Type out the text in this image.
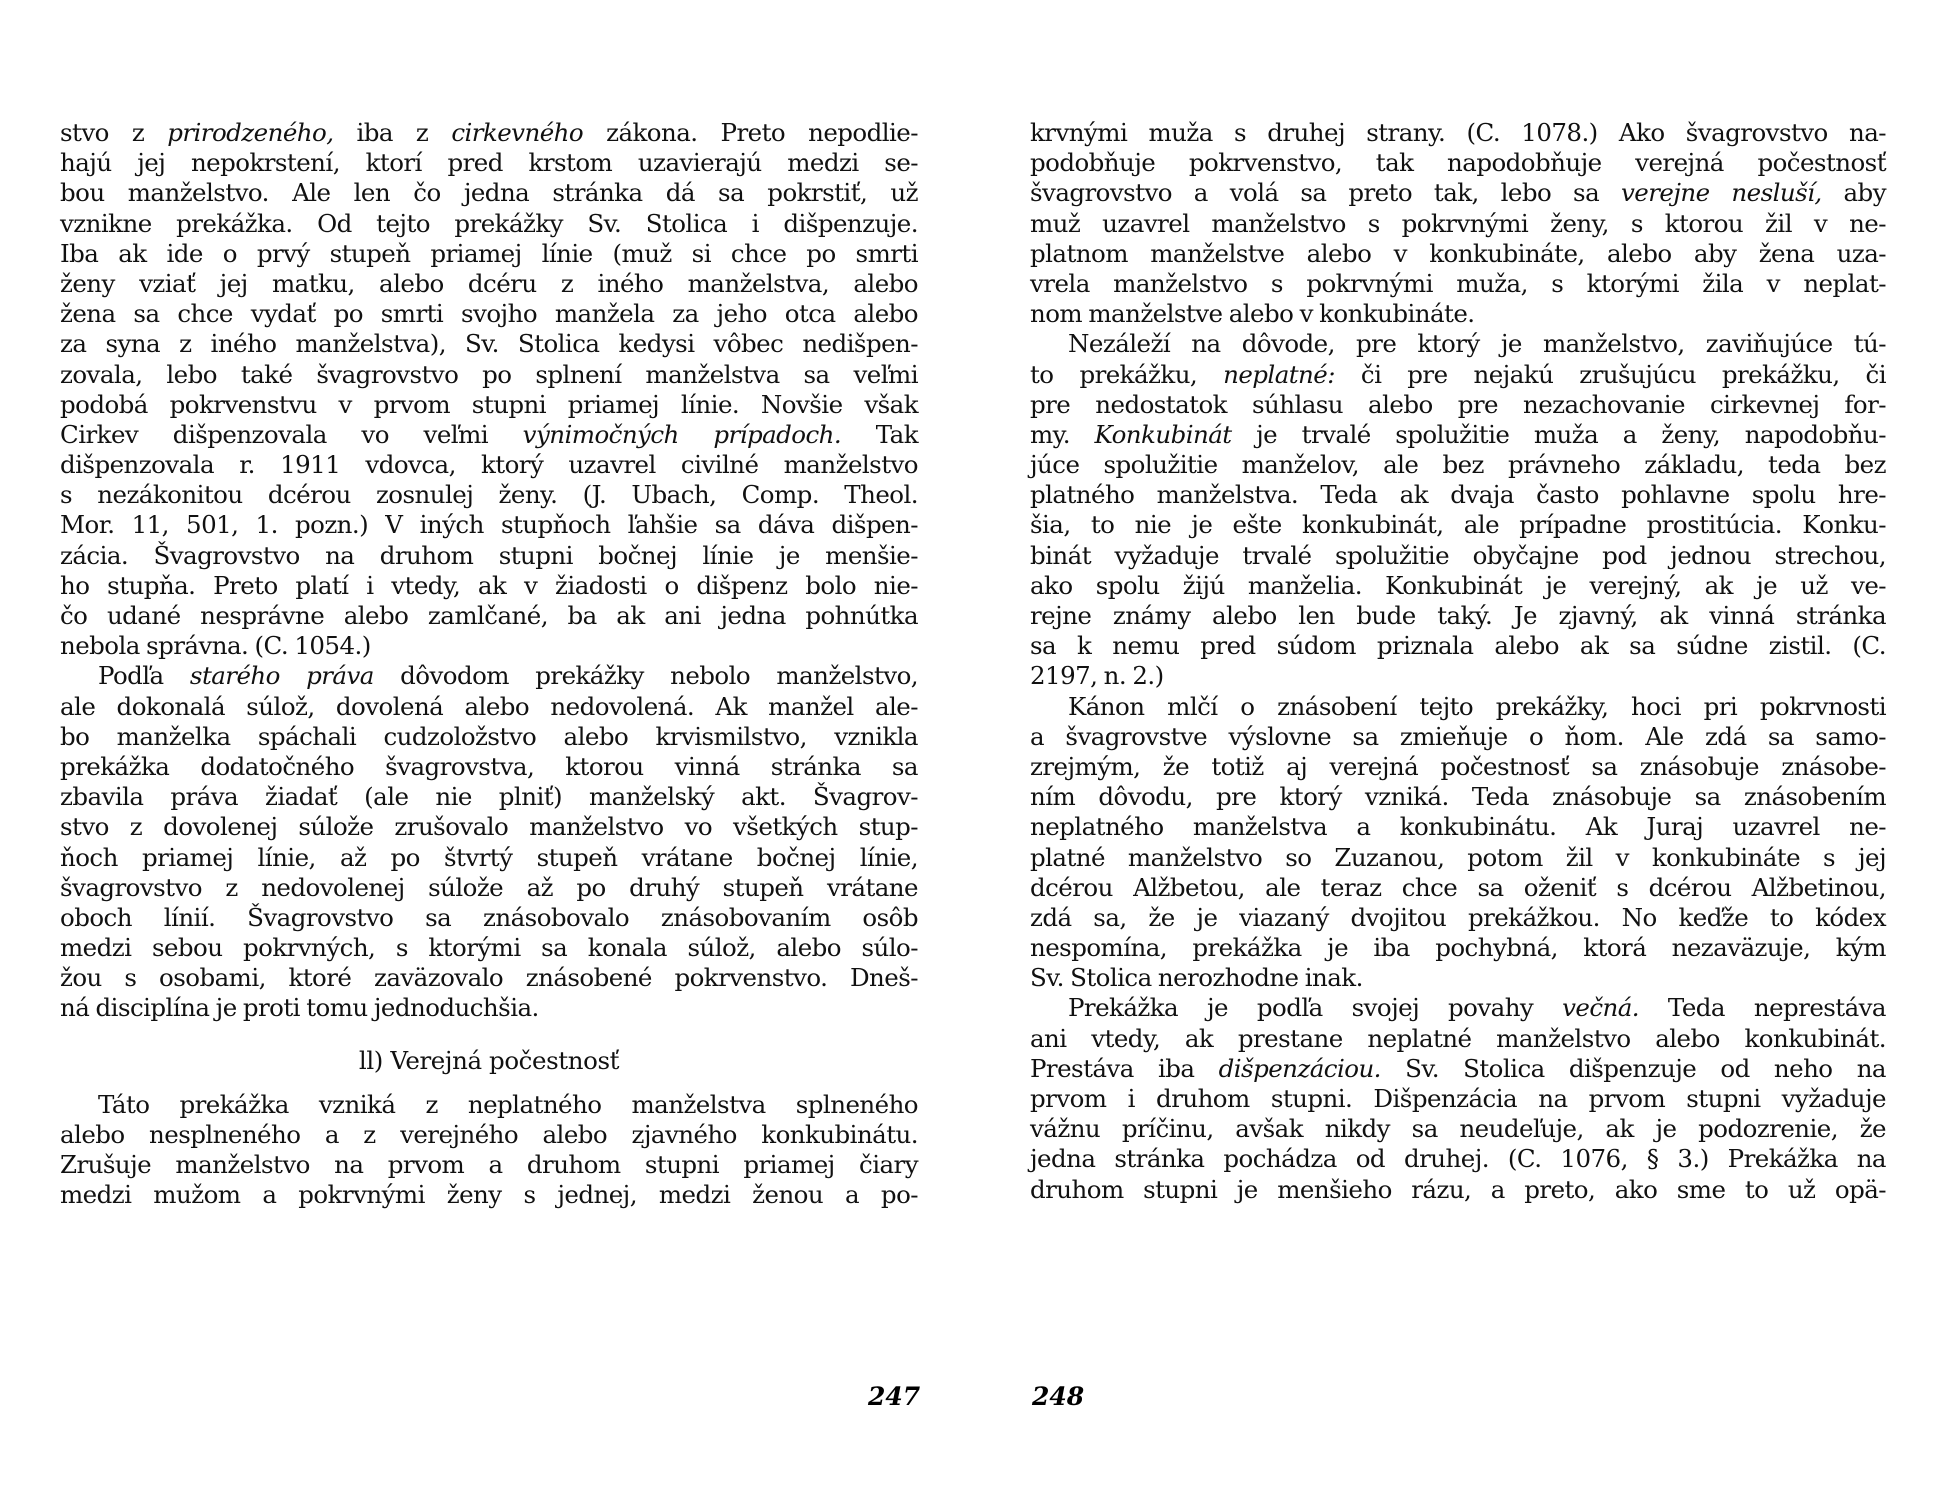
stvo z prirodzeného, iba z cirkevného zákona. Preto nepodlie-
hajú jej nepokrstení, ktorí pred krstom uzavierajú medzi se-
bou manželstvo. Ale len čo jedna stránka dá sa pokrstiť, už
vznikne prekážka. Od tejto prekážky Sv. Stolica i dišpenzuje.
Iba ak ide o prvý stupeň priamej línie (muž si chce po smrti
ženy vziať jej matku, alebo dcéru z iného manželstva, alebo
žena sa chce vydať po smrti svojho manžela za jeho otca alebo
za syna z iného manželstva), Sv. Stolica kedysi vôbec nedišpen-
zovala, lebo také švagrovstvo po splnení manželstva sa veľmi
podobá pokrvenstvu v prvom stupni priamej línie. Novšie však
Cirkev dišpenzovala vo veľmi výnimočných prípadoch. Tak
dišpenzovala r. 1911 vdovca, ktorý uzavrel civilné manželstvo
s nezákonitou dcérou zosnulej ženy. (J. Ubach, Comp. Theol.
Mor. 11, 501, 1. pozn.) V iných stupňoch ľahšie sa dáva dišpen-
zácia. Švagrovstvo na druhom stupni bočnej línie je menšie-
ho stupňa. Preto platí i vtedy, ak v žiadosti o dišpenz bolo nie-
čo udané nesprávne alebo zamlčané, ba ak ani jedna pohnútka
nebola správna. (C. 1054.)
Podľa starého práva dôvodom prekážky nebolo manželstvo,
ale dokonalá súlož, dovolená alebo nedovolená. Ak manžel ale-
bo manželka spáchali cudzoložstvo alebo krvismilstvo, vznikla
prekážka dodatočného švagrovstva, ktorou vinná stránka sa
zbavila práva žiadať (ale nie plniť) manželský akt. Švagrov-
stvo z dovolenej súlože zrušovalo manželstvo vo všetkých stup-
ňoch priamej línie, až po štvrtý stupeň vrátane bočnej línie,
švagrovstvo z nedovolenej súlože až po druhý stupeň vrátane
oboch línií. Švagrovstvo sa znásobovalo znásobovaním osôb
medzi sebou pokrvných, s ktorými sa konala súlož, alebo súlo-
žou s osobami, ktoré zaväzovalo znásobené pokrvenstvo. Dneš-
ná disciplína je proti tomu jednoduchšia.
ll) Verejná počestnosť
Táto prekážka vzniká z neplatného manželstva splneného
alebo nesplneného a z verejného alebo zjavného konkubinátu.
Zrušuje manželstvo na prvom a druhom stupni priamej čiary
medzi mužom a pokrvnými ženy s jednej, medzi ženou a po-
krvnými muža s druhej strany. (C. 1078.) Ako švagrovstvo na-
podobňuje pokrvenstvo, tak napodobňuje verejná počestnosť
švagrovstvo a volá sa preto tak, lebo sa verejne nesluší, aby
muž uzavrel manželstvo s pokrvnými ženy, s ktorou žil v ne-
platnom manželstve alebo v konkubináte, alebo aby žena uza-
vrela manželstvo s pokrvnými muža, s ktorými žila v neplat-
nom manželstve alebo v konkubináte.
Nezáleží na dôvode, pre ktorý je manželstvo, zaviňujúce tú-
to prekážku, neplatné: či pre nejakú zrušujúcu prekážku, či
pre nedostatok súhlasu alebo pre nezachovanie cirkevnej for-
my. Konkubinát je trvalé spolužitie muža a ženy, napodobňu-
júce spolužitie manželov, ale bez právneho základu, teda bez
platného manželstva. Teda ak dvaja často pohlavne spolu hre-
šia, to nie je ešte konkubinát, ale prípadne prostitúcia. Konku-
binát vyžaduje trvalé spolužitie obyčajne pod jednou strechou,
ako spolu žijú manželia. Konkubinát je verejný, ak je už ve-
rejne známy alebo len bude taký. Je zjavný, ak vinná stránka
sa k nemu pred súdom priznala alebo ak sa súdne zistil. (C.
2197, n. 2.)
Kánon mlčí o znásobení tejto prekážky, hoci pri pokrvnosti
a švagrovstve výslovne sa zmieňuje o ňom. Ale zdá sa samo-
zrejmým, že totiž aj verejná počestnosť sa znásobuje znásobe-
ním dôvodu, pre ktorý vzniká. Teda znásobuje sa znásobením
neplatného manželstva a konkubinátu. Ak Juraj uzavrel ne-
platné manželstvo so Zuzanou, potom žil v konkubináte s jej
dcérou Alžbetou, ale teraz chce sa oženiť s dcérou Alžbetinou,
zdá sa, že je viazaný dvojitou prekážkou. No keďže to kódex
nespomína, prekážka je iba pochybná, ktorá nezaväzuje, kým
Sv. Stolica nerozhodne inak.
Prekážka je podľa svojej povahy večná. Teda neprestáva
ani vtedy, ak prestane neplatné manželstvo alebo konkubinát.
Prestáva iba dišpenzáciou. Sv. Stolica dišpenzuje od neho na
prvom i druhom stupni. Dišpenzácia na prvom stupni vyžaduje
vážnu príčinu, avšak nikdy sa neudeľuje, ak je podozrenie, že
jedna stránka pochádza od druhej. (C. 1076, § 3.) Prekážka na
druhom stupni je menšieho rázu, a preto, ako sme to už opä-
247	248
